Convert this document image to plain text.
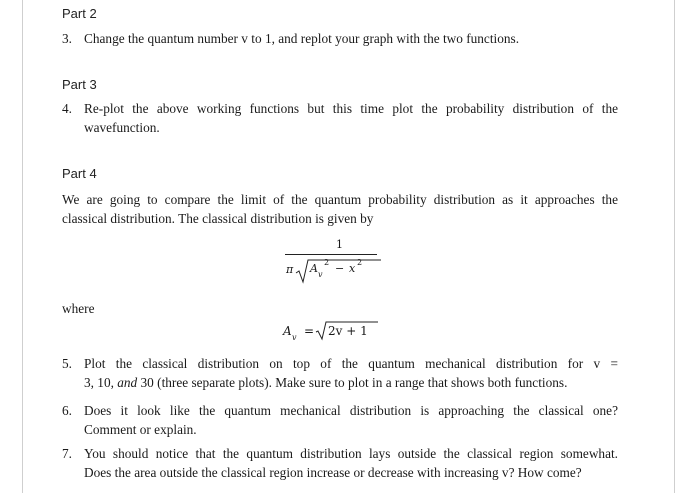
Part 2
3. Change the quantum number v to 1, and replot your graph with the two functions.
Part 3
4. Re-plot the above working functions but this time plot the probability distribution of the
wavefunction.
Part 4
We are going to compare the limit of the quantum probability distribution as it approaches the
classical distribution. The classical distribution is given by
1
π A v
2 − x 2
where
A v = 2v + 1
5. Plot the classical distribution on top of the quantum mechanical distribution for v =
3, 10, and 30 (three separate plots). Make sure to plot in a range that shows both functions.
6. Does it look like the quantum mechanical distribution is approaching the classical one?
Comment or explain.
7. You should notice that the quantum distribution lays outside the classical region somewhat.
Does the area outside the classical region increase or decrease with increasing v? How come?
